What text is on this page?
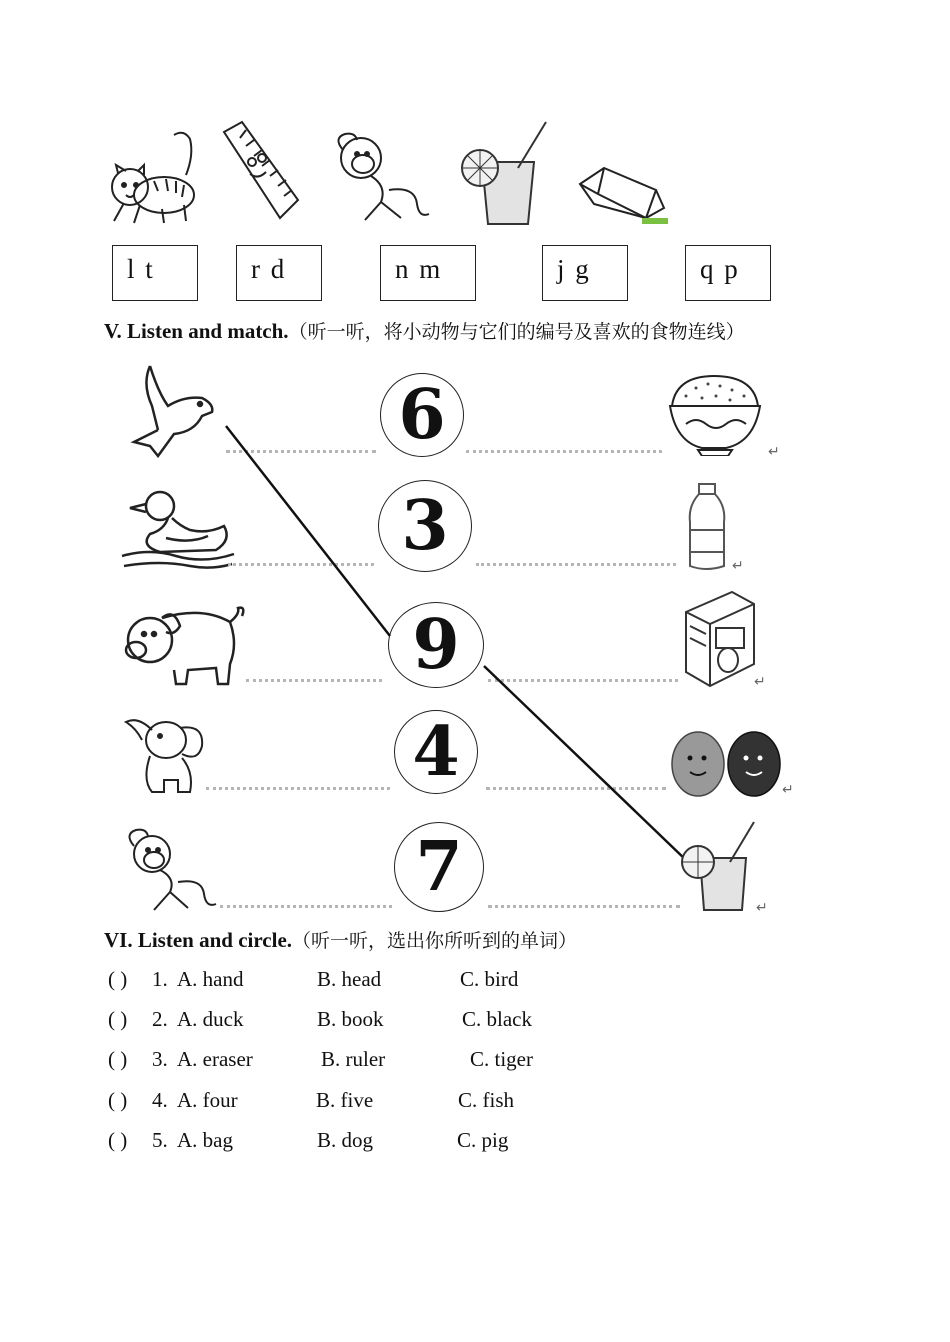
l t	r d	n m	j g	q p
V. Listen and match.（听一听，将小动物与它们的编号及喜欢的食物连线）
6
3
9
4
7
↵
↵
↵
↵
↵
VI. Listen and circle.（听一听，选出你所听到的单词）
( ) 1. A. hand	B. head	C. bird
( ) 2. A. duck	B. book	C. black
( ) 3. A. eraser	B. ruler	C. tiger
( ) 4. A. four	B. five	C. fish
( ) 5. A. bag	B. dog	C. pig
